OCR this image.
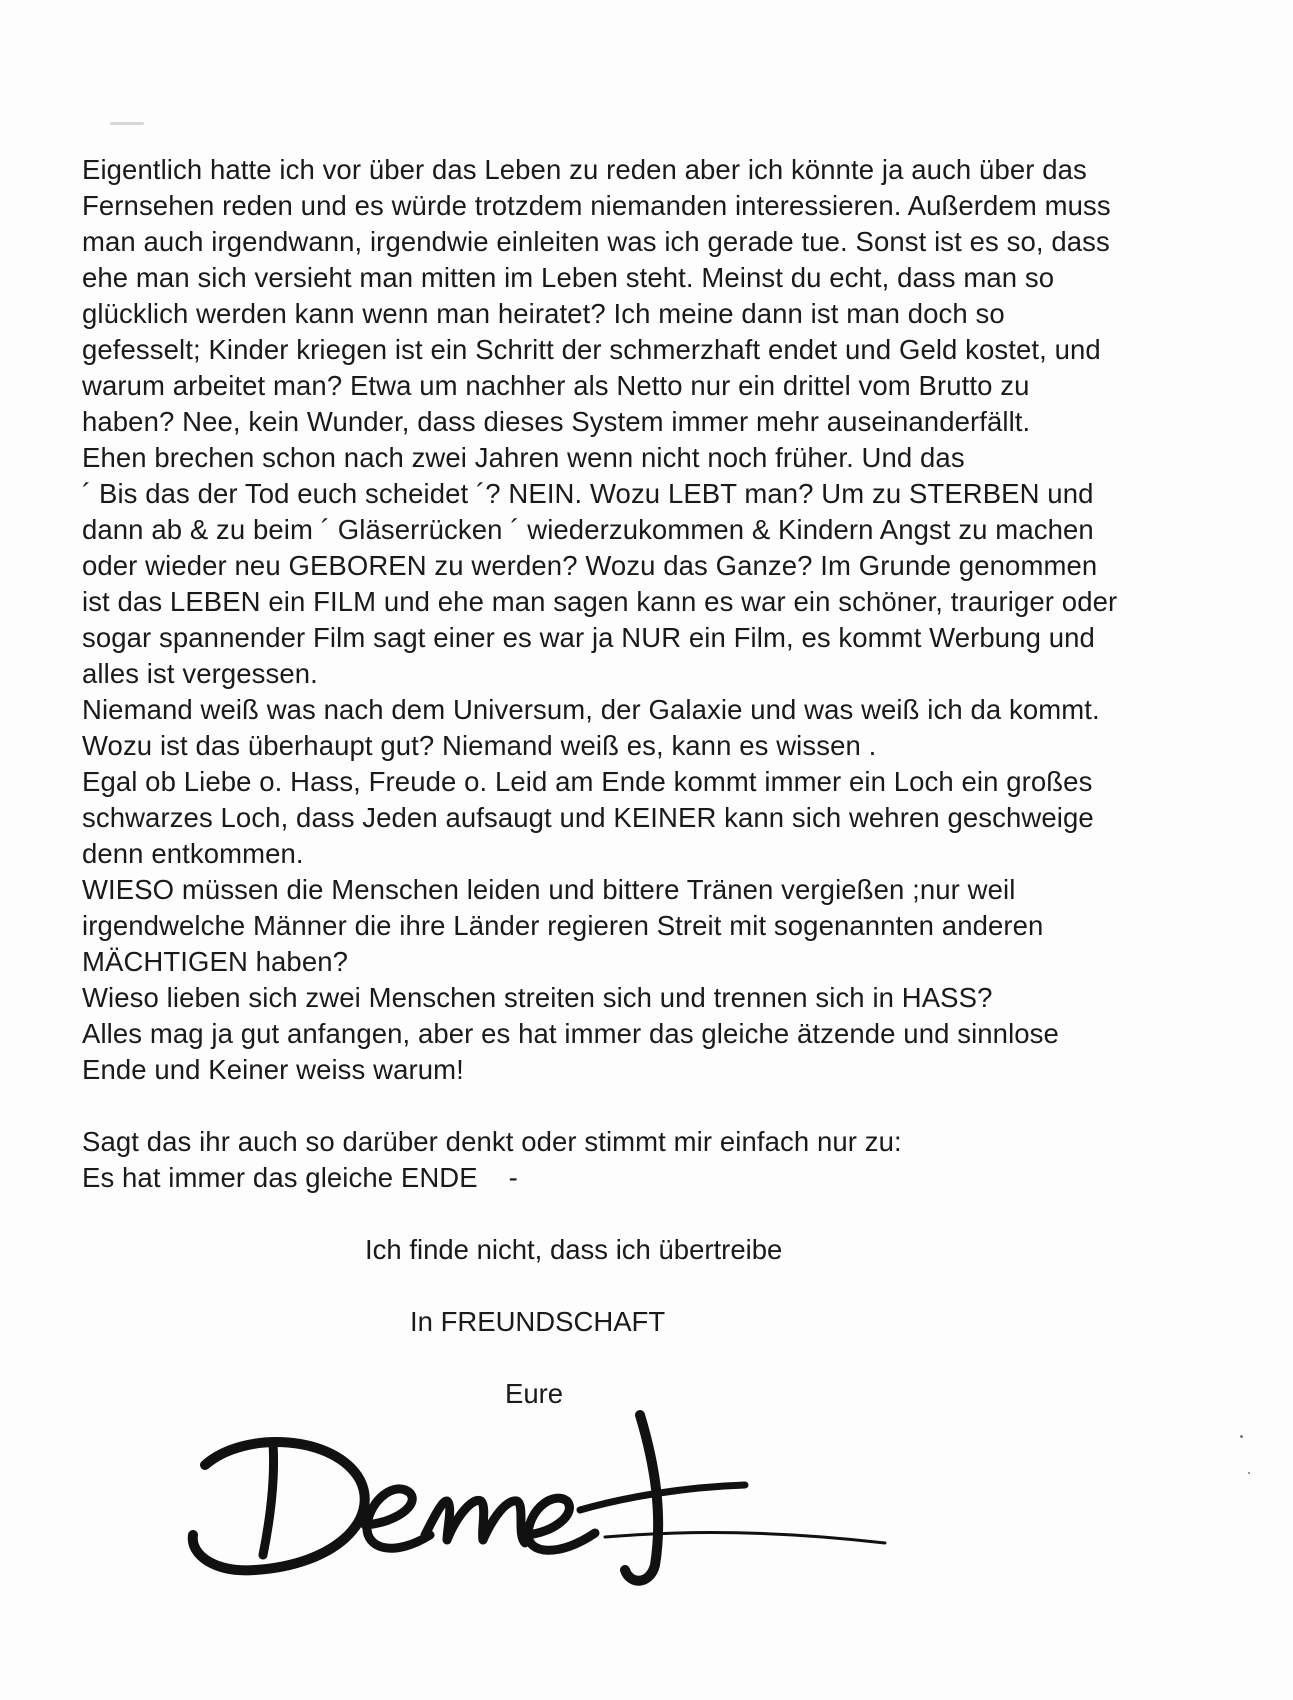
Eigentlich hatte ich vor über das Leben zu reden aber ich könnte ja auch über das
Fernsehen reden und es würde trotzdem niemanden interessieren. Außerdem muss
man auch irgendwann, irgendwie einleiten was ich gerade tue. Sonst ist es so, dass
ehe man sich versieht man mitten im Leben steht. Meinst du echt, dass man so
glücklich werden kann wenn man heiratet? Ich meine dann ist man doch so
gefesselt; Kinder kriegen ist ein Schritt der schmerzhaft endet und Geld kostet, und
warum arbeitet man? Etwa um nachher als Netto nur ein drittel vom Brutto zu
haben? Nee, kein Wunder, dass dieses System immer mehr auseinanderfällt.
Ehen brechen schon nach zwei Jahren wenn nicht noch früher. Und das
´ Bis das der Tod euch scheidet ´? NEIN. Wozu LEBT man? Um zu STERBEN und
dann ab & zu beim ´ Gläserrücken ´ wiederzukommen & Kindern Angst zu machen
oder wieder neu GEBOREN zu werden? Wozu das Ganze? Im Grunde genommen
ist das LEBEN ein FILM und ehe man sagen kann es war ein schöner, trauriger oder
sogar spannender Film sagt einer es war ja NUR ein Film, es kommt Werbung und
alles ist vergessen.
Niemand weiß was nach dem Universum, der Galaxie und was weiß ich da kommt.
Wozu ist das überhaupt gut? Niemand weiß es, kann es wissen .
Egal ob Liebe o. Hass, Freude o. Leid am Ende kommt immer ein Loch ein großes
schwarzes Loch, dass Jeden aufsaugt und KEINER kann sich wehren geschweige
denn entkommen.
WIESO müssen die Menschen leiden und bittere Tränen vergießen ;nur weil
irgendwelche Männer die ihre Länder regieren Streit mit sogenannten anderen
MÄCHTIGEN haben?
Wieso lieben sich zwei Menschen streiten sich und trennen sich in HASS?
Alles mag ja gut anfangen, aber es hat immer das gleiche ätzende und sinnlose
Ende und Keiner weiss warum!
Sagt das ihr auch so darüber denkt oder stimmt mir einfach nur zu:
Es hat immer das gleiche ENDE    -
Ich finde nicht, dass ich übertreibe
In FREUNDSCHAFT
Eure
